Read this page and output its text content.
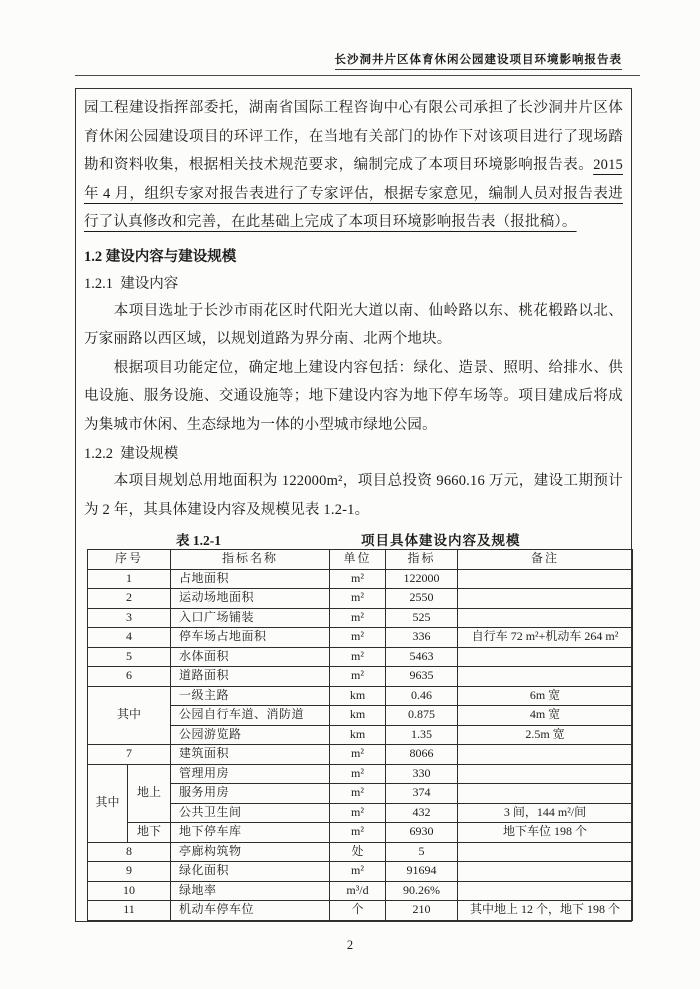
长沙洞井片区体育休闲公园建设项目环境影响报告表

园工程建设指挥部委托，湖南省国际工程咨询中心有限公司承担了长沙洞井片区体育休闲公园建设项目的环评工作，在当地有关部门的协作下对该项目进行了现场踏勘和资料收集，根据相关技术规范要求，编制完成了本项目环境影响报告表。2015 年 4 月，组织专家对报告表进行了专家评估，根据专家意见，编制人员对报告表进行了认真修改和完善，在此基础上完成了本项目环境影响报告表（报批稿）。

1.2 建设内容与建设规模

1.2.1  建设内容

本项目选址于长沙市雨花区时代阳光大道以南、仙岭路以东、桃花椴路以北、万家丽路以西区域，以规划道路为界分南、北两个地块。

根据项目功能定位，确定地上建设内容包括：绿化、造景、照明、给排水、供电设施、服务设施、交通设施等；地下建设内容为地下停车场等。项目建成后将成为集城市休闲、生态绿地为一体的小型城市绿地公园。

1.2.2  建设规模

本项目规划总用地面积为 122000m²，项目总投资 9660.16 万元，建设工期预计为 2 年，其具体建设内容及规模见表 1.2-1。

表 1.2-1	项目具体建设内容及规模
序号		指标名称	单位	指标	备注
1		占地面积	m²	122000	
2		运动场地面积	m²	2550	
3		入口广场铺装	m²	525	
4		停车场占地面积	m²	336	自行车 72 m²+机动车 264 m²
5		水体面积	m²	5463	
6		道路面积	m²	9635	
其中		一级主路	km	0.46	6m 宽
		公园自行车道、消防道	km	0.875	4m 宽
		公园游览路	km	1.35	2.5m 宽
7		建筑面积	m²	8066	
其中	地上	管理用房	m²	330	
		服务用房	m²	374	
		公共卫生间	m²	432	3 间，144 m²/间
	地下	地下停车库	m²	6930	地下车位 198 个
8		亭廊构筑物	处	5	
9		绿化面积	m²	91694	
10		绿地率	m³/d	90.26%	
11		机动车停车位	个	210	其中地上 12 个，地下 198 个
2
